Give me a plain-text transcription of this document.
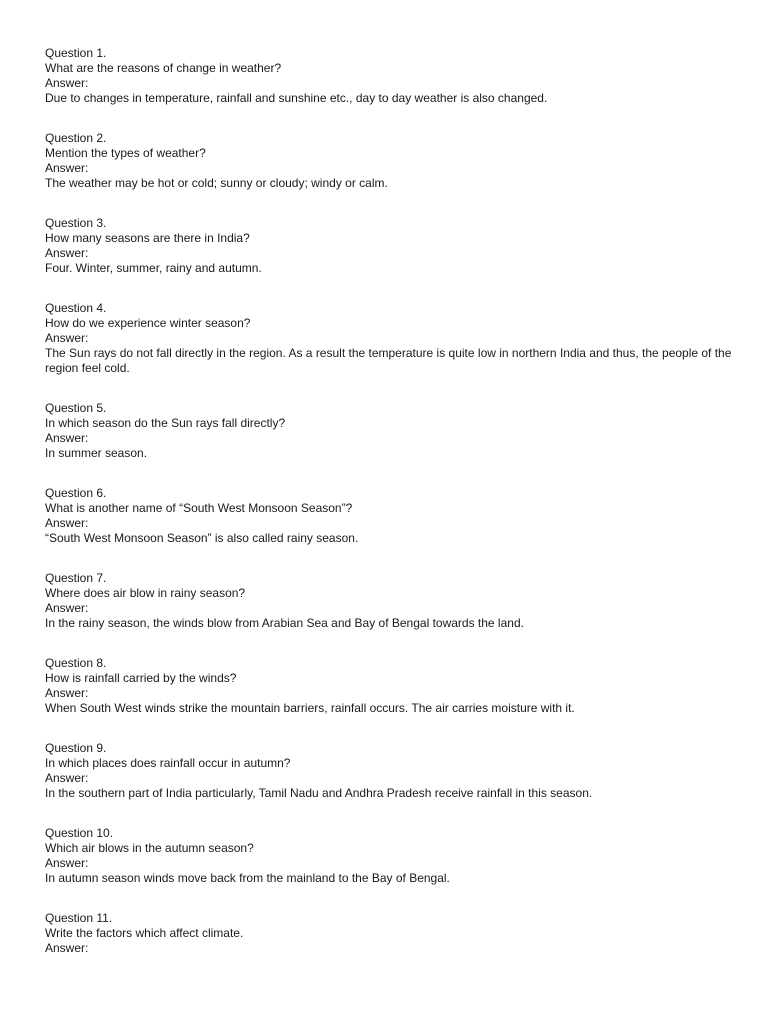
Question 1.
What are the reasons of change in weather?
Answer:
Due to changes in temperature, rainfall and sunshine etc., day to day weather is also changed.
Question 2.
Mention the types of weather?
Answer:
The weather may be hot or cold; sunny or cloudy; windy or calm.
Question 3.
How many seasons are there in India?
Answer:
Four. Winter, summer, rainy and autumn.
Question 4.
How do we experience winter season?
Answer:
The Sun rays do not fall directly in the region. As a result the temperature is quite low in northern India and thus, the people of the region feel cold.
Question 5.
In which season do the Sun rays fall directly?
Answer:
In summer season.
Question 6.
What is another name of “South West Monsoon Season”?
Answer:
“South West Monsoon Season” is also called rainy season.
Question 7.
Where does air blow in rainy season?
Answer:
In the rainy season, the winds blow from Arabian Sea and Bay of Bengal towards the land.
Question 8.
How is rainfall carried by the winds?
Answer:
When South West winds strike the mountain barriers, rainfall occurs. The air carries moisture with it.
Question 9.
In which places does rainfall occur in autumn?
Answer:
In the southern part of India particularly, Tamil Nadu and Andhra Pradesh receive rainfall in this season.
Question 10.
Which air blows in the autumn season?
Answer:
In autumn season winds move back from the mainland to the Bay of Bengal.
Question 11.
Write the factors which affect climate.
Answer:
